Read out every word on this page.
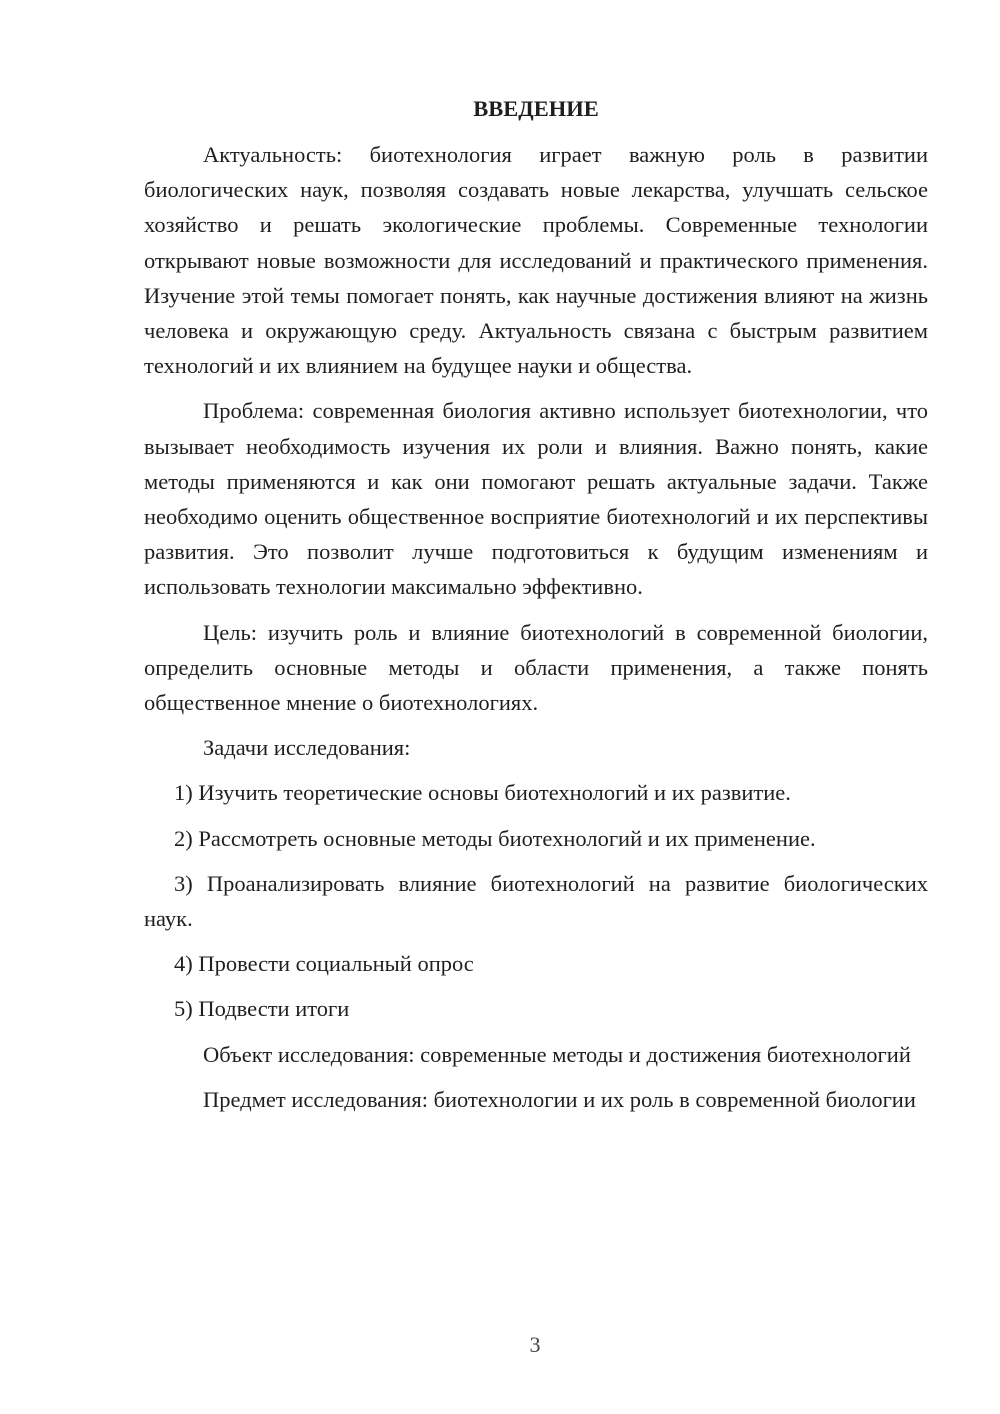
ВВЕДЕНИЕ

Актуальность: биотехнология играет важную роль в развитии биологических наук, позволяя создавать новые лекарства, улучшать сельское хозяйство и решать экологические проблемы. Современные технологии открывают новые возможности для исследований и практического применения. Изучение этой темы помогает понять, как научные достижения влияют на жизнь человека и окружающую среду. Актуальность связана с быстрым развитием технологий и их влиянием на будущее науки и общества.

Проблема: современная биология активно использует биотехнологии, что вызывает необходимость изучения их роли и влияния. Важно понять, какие методы применяются и как они помогают решать актуальные задачи. Также необходимо оценить общественное восприятие биотехнологий и их перспективы развития. Это позволит лучше подготовиться к будущим изменениям и использовать технологии максимально эффективно.

Цель: изучить роль и влияние биотехнологий в современной биологии, определить основные методы и области применения, а также понять общественное мнение о биотехнологиях.

Задачи исследования:

1) Изучить теоретические основы биотехнологий и их развитие.

2) Рассмотреть основные методы биотехнологий и их применение.

3) Проанализировать влияние биотехнологий на развитие биологических наук.

4) Провести социальный опрос

5) Подвести итоги

Объект исследования: современные методы и достижения биотехнологий

Предмет исследования: биотехнологии и их роль в современной биологии

3
